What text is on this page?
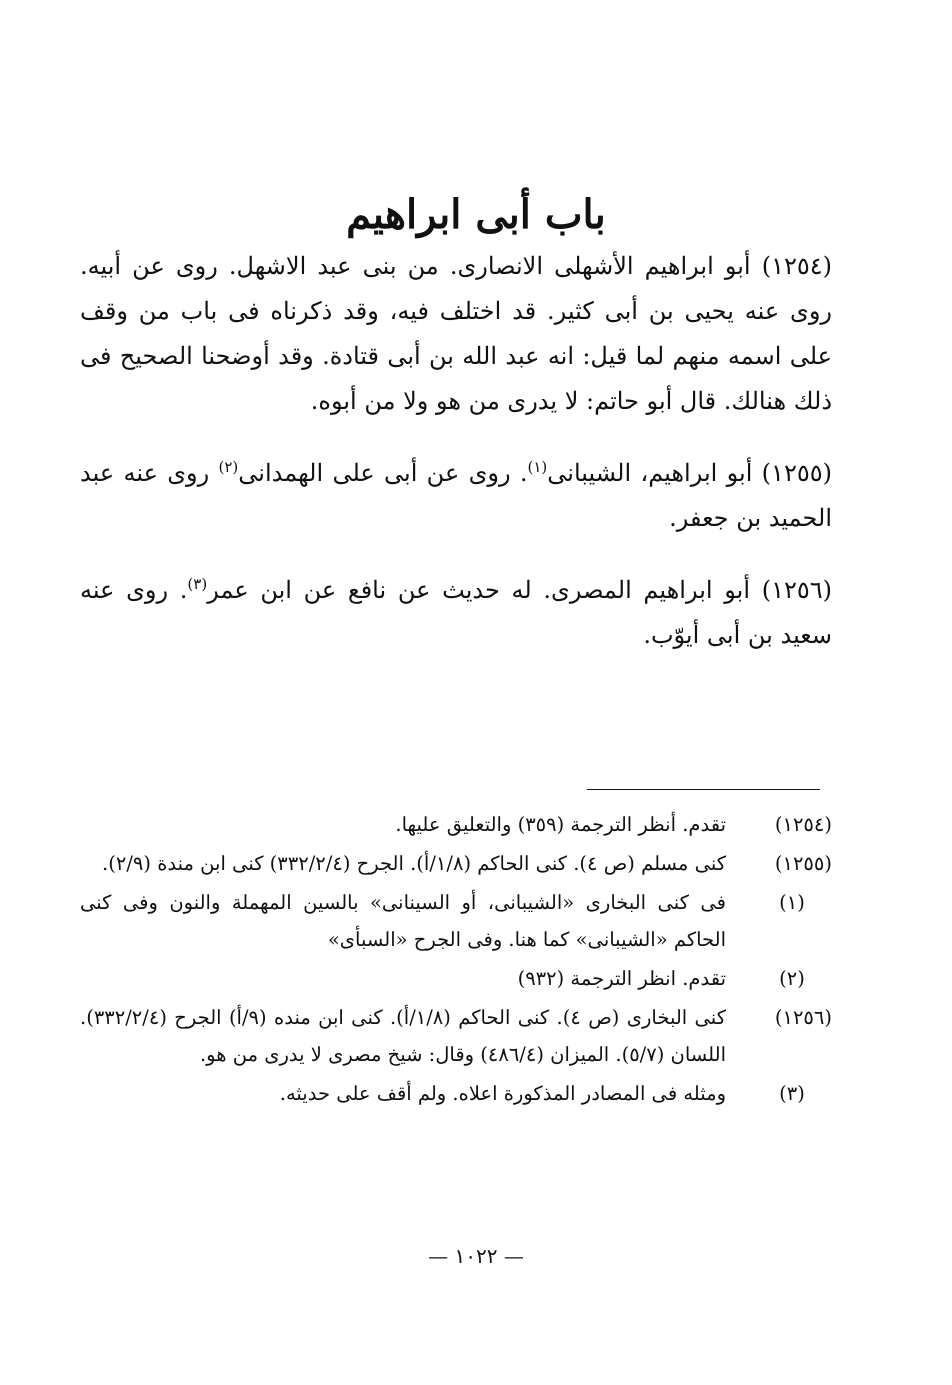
باب أبى ابراهيم

(١٢٥٤) أبو ابراهيم الأشهلى الانصارى. من بنى عبد الاشهل. روى عن أبيه. روى عنه يحيى بن أبى كثير. قد اختلف فيه، وقد ذكرناه فى باب من وقف على اسمه منهم لما قيل: انه عبد الله بن أبى قتادة. وقد أوضحنا الصحيح فى ذلك هنالك. قال أبو حاتم: لا يدرى من هو ولا من أبوه.

(١٢٥٥) أبو ابراهيم، الشيبانى$^{(١)}$. روى عن أبى على الهمدانى$^{(٢)}$ روى عنه عبد الحميد بن جعفر.

(١٢٥٦) أبو ابراهيم المصرى. له حديث عن نافع عن ابن عمر$^{(٣)}$. روى عنه سعيد بن أبى أيوّب.

(١٢٥٤)
تقدم. أنظر الترجمة (٣٥٩) والتعليق عليها.
(١٢٥٥)
كنى مسلم (ص ٤). كنى الحاكم (١/٨/أ). الجرح (٣٣٢/٢/٤) كنى ابن مندة (٢/٩).
(١)
فى كنى البخارى «الشيبانى، أو السينانى» بالسين المهملة والنون وفى كنى الحاكم «الشيبانى» كما هنا. وفى الجرح «السبأى»
(٢)
تقدم. انظر الترجمة (٩٣٢)
(١٢٥٦)
كنى البخارى (ص ٤). كنى الحاكم (١/٨/أ). كنى ابن منده (٩/أ) الجرح (٣٣٢/٢/٤). اللسان (٥/٧). الميزان (٤٨٦/٤) وقال: شيخ مصرى لا يدرى من هو.
(٣)
ومثله فى المصادر المذكورة اعلاه. ولم أقف على حديثه.
— ١٠٢٢ —
